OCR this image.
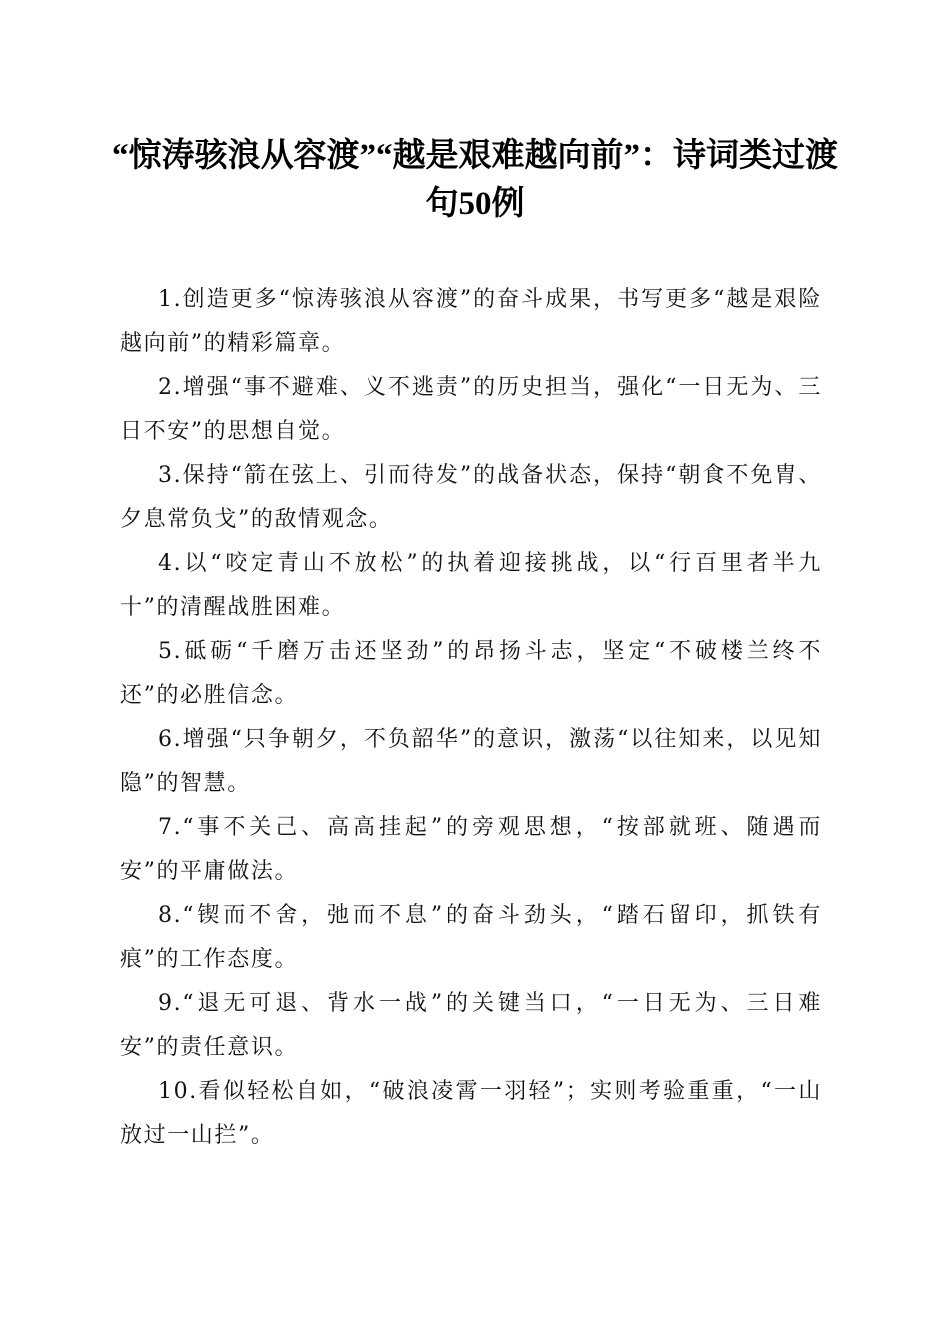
“惊涛骇浪从容渡”“越是艰难越向前”：诗词类过渡句50例

1.创造更多“惊涛骇浪从容渡”的奋斗成果，书写更多“越是艰险越向前”的精彩篇章。

2.增强“事不避难、义不逃责”的历史担当，强化“一日无为、三日不安”的思想自觉。

3.保持“箭在弦上、引而待发”的战备状态，保持“朝食不免胄、夕息常负戈”的敌情观念。

4.以“咬定青山不放松”的执着迎接挑战，以“行百里者半九十”的清醒战胜困难。

5.砥砺“千磨万击还坚劲”的昂扬斗志，坚定“不破楼兰终不还”的必胜信念。

6.增强“只争朝夕，不负韶华”的意识，激荡“以往知来，以见知隐”的智慧。

7.“事不关己、高高挂起”的旁观思想，“按部就班、随遇而安”的平庸做法。

8.“锲而不舍，弛而不息”的奋斗劲头，“踏石留印，抓铁有痕”的工作态度。

9.“退无可退、背水一战”的关键当口，“一日无为、三日难安”的责任意识。

10.看似轻松自如，“破浪凌霄一羽轻”；实则考验重重，“一山放过一山拦”。
